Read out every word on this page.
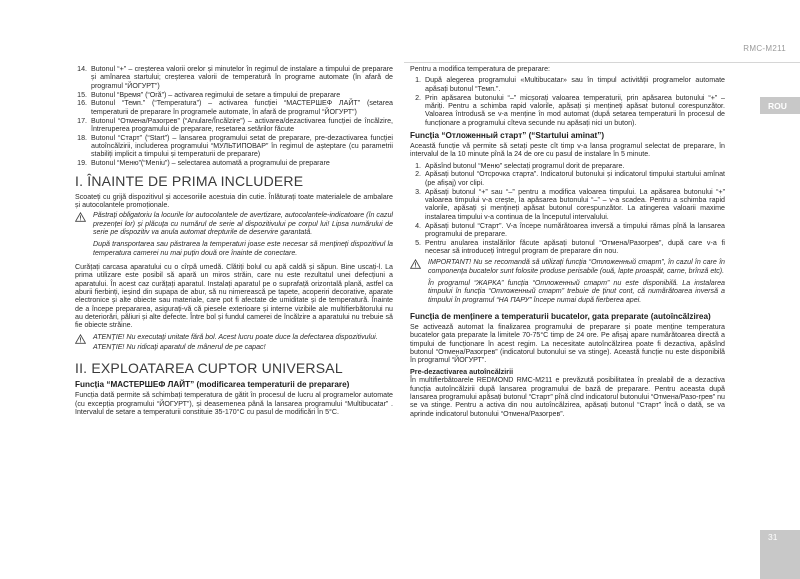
RMC-M211
ROU
31
14. Butonul “+” – creșterea valorii orelor și minutelor în regimul de instalare a timpului de preparare și amînarea startului; creșterea valorii de temperatură în programe automate (în afară de programul “ЙОГУРТ”)
15. Butonul “Время” (“Oră”) – activarea regimului de setare a timpului de preparare
16. Butonul “Темп.” (“Temperatura”) – activarea funcției “МАСТЕРШЕФ ЛАЙТ” (setarea temperaturii de preparare în programele automate, în afară de programul “ЙОГУРТ”)
17. Butonul “Отмена/Разогрев” (“Anulare/Încălzire”) – activarea/dezactivarea funcției de încălzire, întreruperea programului de preparare, resetarea setărilor făcute
18. Butonul “Старт” (“Start”) – lansarea programului setat de preparare, pre-dezactivarea funcției autoîncălzirii, includerea programului “МУЛЬТИПОВАР” în regimul de așteptare (cu parametrii stabiliți implicit a timpului și temperaturii de preparare)
19. Butonul “Меню”(“Meniu”) – selectarea automată a programului de preparare
I. ÎNAINTE DE PRIMA INCLUDERE

Scoateți cu grijă dispozitivul și accesoriile acestuia din cutie. Înlăturați toate materialele de ambalare și autocolantele promoționale.

Păstrați obligatoriu la locurile lor autocolantele de avertizare, autocolantele-indicatoare (în cazul prezenței lor) și plăcuța cu numărul de serie al dispozitivului pe corpul lui! Lipsa numărului de serie pe dispozitiv va anula automat drepturile de deservire garantată.

După transportarea sau păstrarea la temperaturi joase este necesar să mențineți dispozitivul la temperatura camerei nu mai puțin două ore înainte de conectare.

Curățați carcasa aparatului cu o cîrpă umedă. Clătiți bolul cu apă caldă și săpun. Bine uscați-l. La prima utilizare este posibil să apară un miros străin, care nu este rezultatul unei defecțiuni a aparatului. În acest caz curățați aparatul. Instalați aparatul pe o suprafață orizontală plană, astfel ca aburii fierbinți, ieșind din supapa de abur, să nu nimerească pe tapete, acoperiri decorative, aparate electronice și alte obiecte sau materiale, care pot fi afectate de umiditate și de temperatură. Înainte de a începe prepararea, asigurați-vă că piesele exterioare și interne vizibile ale multifierbătorului nu au deteriorări, păliuri și alte defecte. Între bol și fundul camerei de încălzire a aparatului nu trebuie să fie obiecte străine.

ATENȚIE! Nu executați unitate fără bol. Acest lucru poate duce la defectarea dispozitivului.

ATENȚIE! Nu ridicați aparatul de mânerul de pe capac!

II. EXPLOATAREA CUPTOR UNIVERSAL
Funcția “МАСТЕРШЕФ ЛАЙТ” (modificarea temperaturii de preparare)

Funcția dată permite să schimbați temperatura de gătit în procesul de lucru al programelor automate (cu excepția programului “ЙОГУРТ”), și deasemenea până la lansarea programului “Multibucatar” . Intervalul de setare a temperaturii constituie 35-170°C cu pasul de modificări în 5°C.

Pentru a modifica temperatura de preparare:

1. După alegerea programului «Multibucatar» sau în timpul activității programelor automate apăsați butonul “Темп.”.
2. Prin apăsarea butonului “–” micșorați valoarea temperaturii, prin apăsarea butonului “+” – măriți. Pentru a schimba rapid valorile, apăsați și mențineți apăsat butonul corespunzător. Valoarea întrodusă se v-a menține în mod automat (după setarea temperaturii în procesul de funcționare a programului cîteva secunde nu apăsați nici un buton).
Funcția “Отложенный старт” (“Startului aminat”)

Această funcție vă permite să setați peste cît timp v-a lansa programul selectat de preparare, în intervalul de la 10 minute pînă la 24 de ore cu pasul de instalare în 5 minute.

1. Apăsînd butonul “Меню” selectați programul dorit de preparare.
2. Apăsați butonul “Отсрочка старта”. Indicatorul butonului și indicatorul timpului startului amînat (pe afișaj) vor clipi.
3. Apăsați butonul “+” sau “–” pentru a modifica valoarea timpului. La apăsarea butonului “+” valoarea timpului v-a crește, la apăsarea butonului “–” – v-a scadea. Pentru a schimba rapid valorile, apăsați și mențineți apăsat butonul corespunzător. La atingerea valoarii maxime instalarea timpului v-a continua de la începutul intervalului.
4. Apăsați butonul “Старт”. V-a începe numărătoarea inversă a timpului rămas pînă la lansarea programului de preparare.
5. Pentru anularea instalărilor făcute apăsați butonul “Отмена/Разогрев”, după care v-a fi necesar să introduceți întregul program de preparare din nou.

IMPORTANT! Nu se recomandă să utilizați funcția “Отложенный старт”, în cazul în care în componența bucatelor sunt folosite produse perisabile (ouă, lapte proaspăt, carne, brînză etc).

În programul “ЖАРКА” funcția “Отложенный старт” nu este disponibilă. La instalarea timpului în funcția “Отложенный старт” trebuie de ținut cont, că numărătoarea inversă a timpului în programul “НА ПАРУ” începe numai după fierberea apei.

Funcția de menținere a temperaturii bucatelor, gata preparate (autoîncălzirea)

Se activează automat la finalizarea programului de preparare și poate menține temperatura bucatelor gata preparate la limitele 70-75°С timp de 24 ore. Pe afișaj apare numărătoarea directă a timpului de funcționare în acest regim. La necesitate autoîncălzirea poate fi dezactiva, apăsînd butonul “Отмена/Разогрев” (indicatorul butonului se va stinge). Această funcție nu este disponibilă în programul “ЙОГУРТ”.

Pre-dezactivarea autoîncălzirii

În multifierbătoarele REDMOND RMC-M211 e prevăzută posibilitatea în prealabil de a dezactiva funcția autoîncălzirii după lansarea programului de bază de preparare. Pentru aceasta după lansarea programului apăsați butonul “Старт” pînă cînd indicatorul butonului “Отмена/Разо-грев” nu se va stinge. Pentru a activa din nou autoîncălzirea, apăsați butonul “Старт” încă o dată, se va aprinde indicatorul butonului “Отмена/Разогрев”.
